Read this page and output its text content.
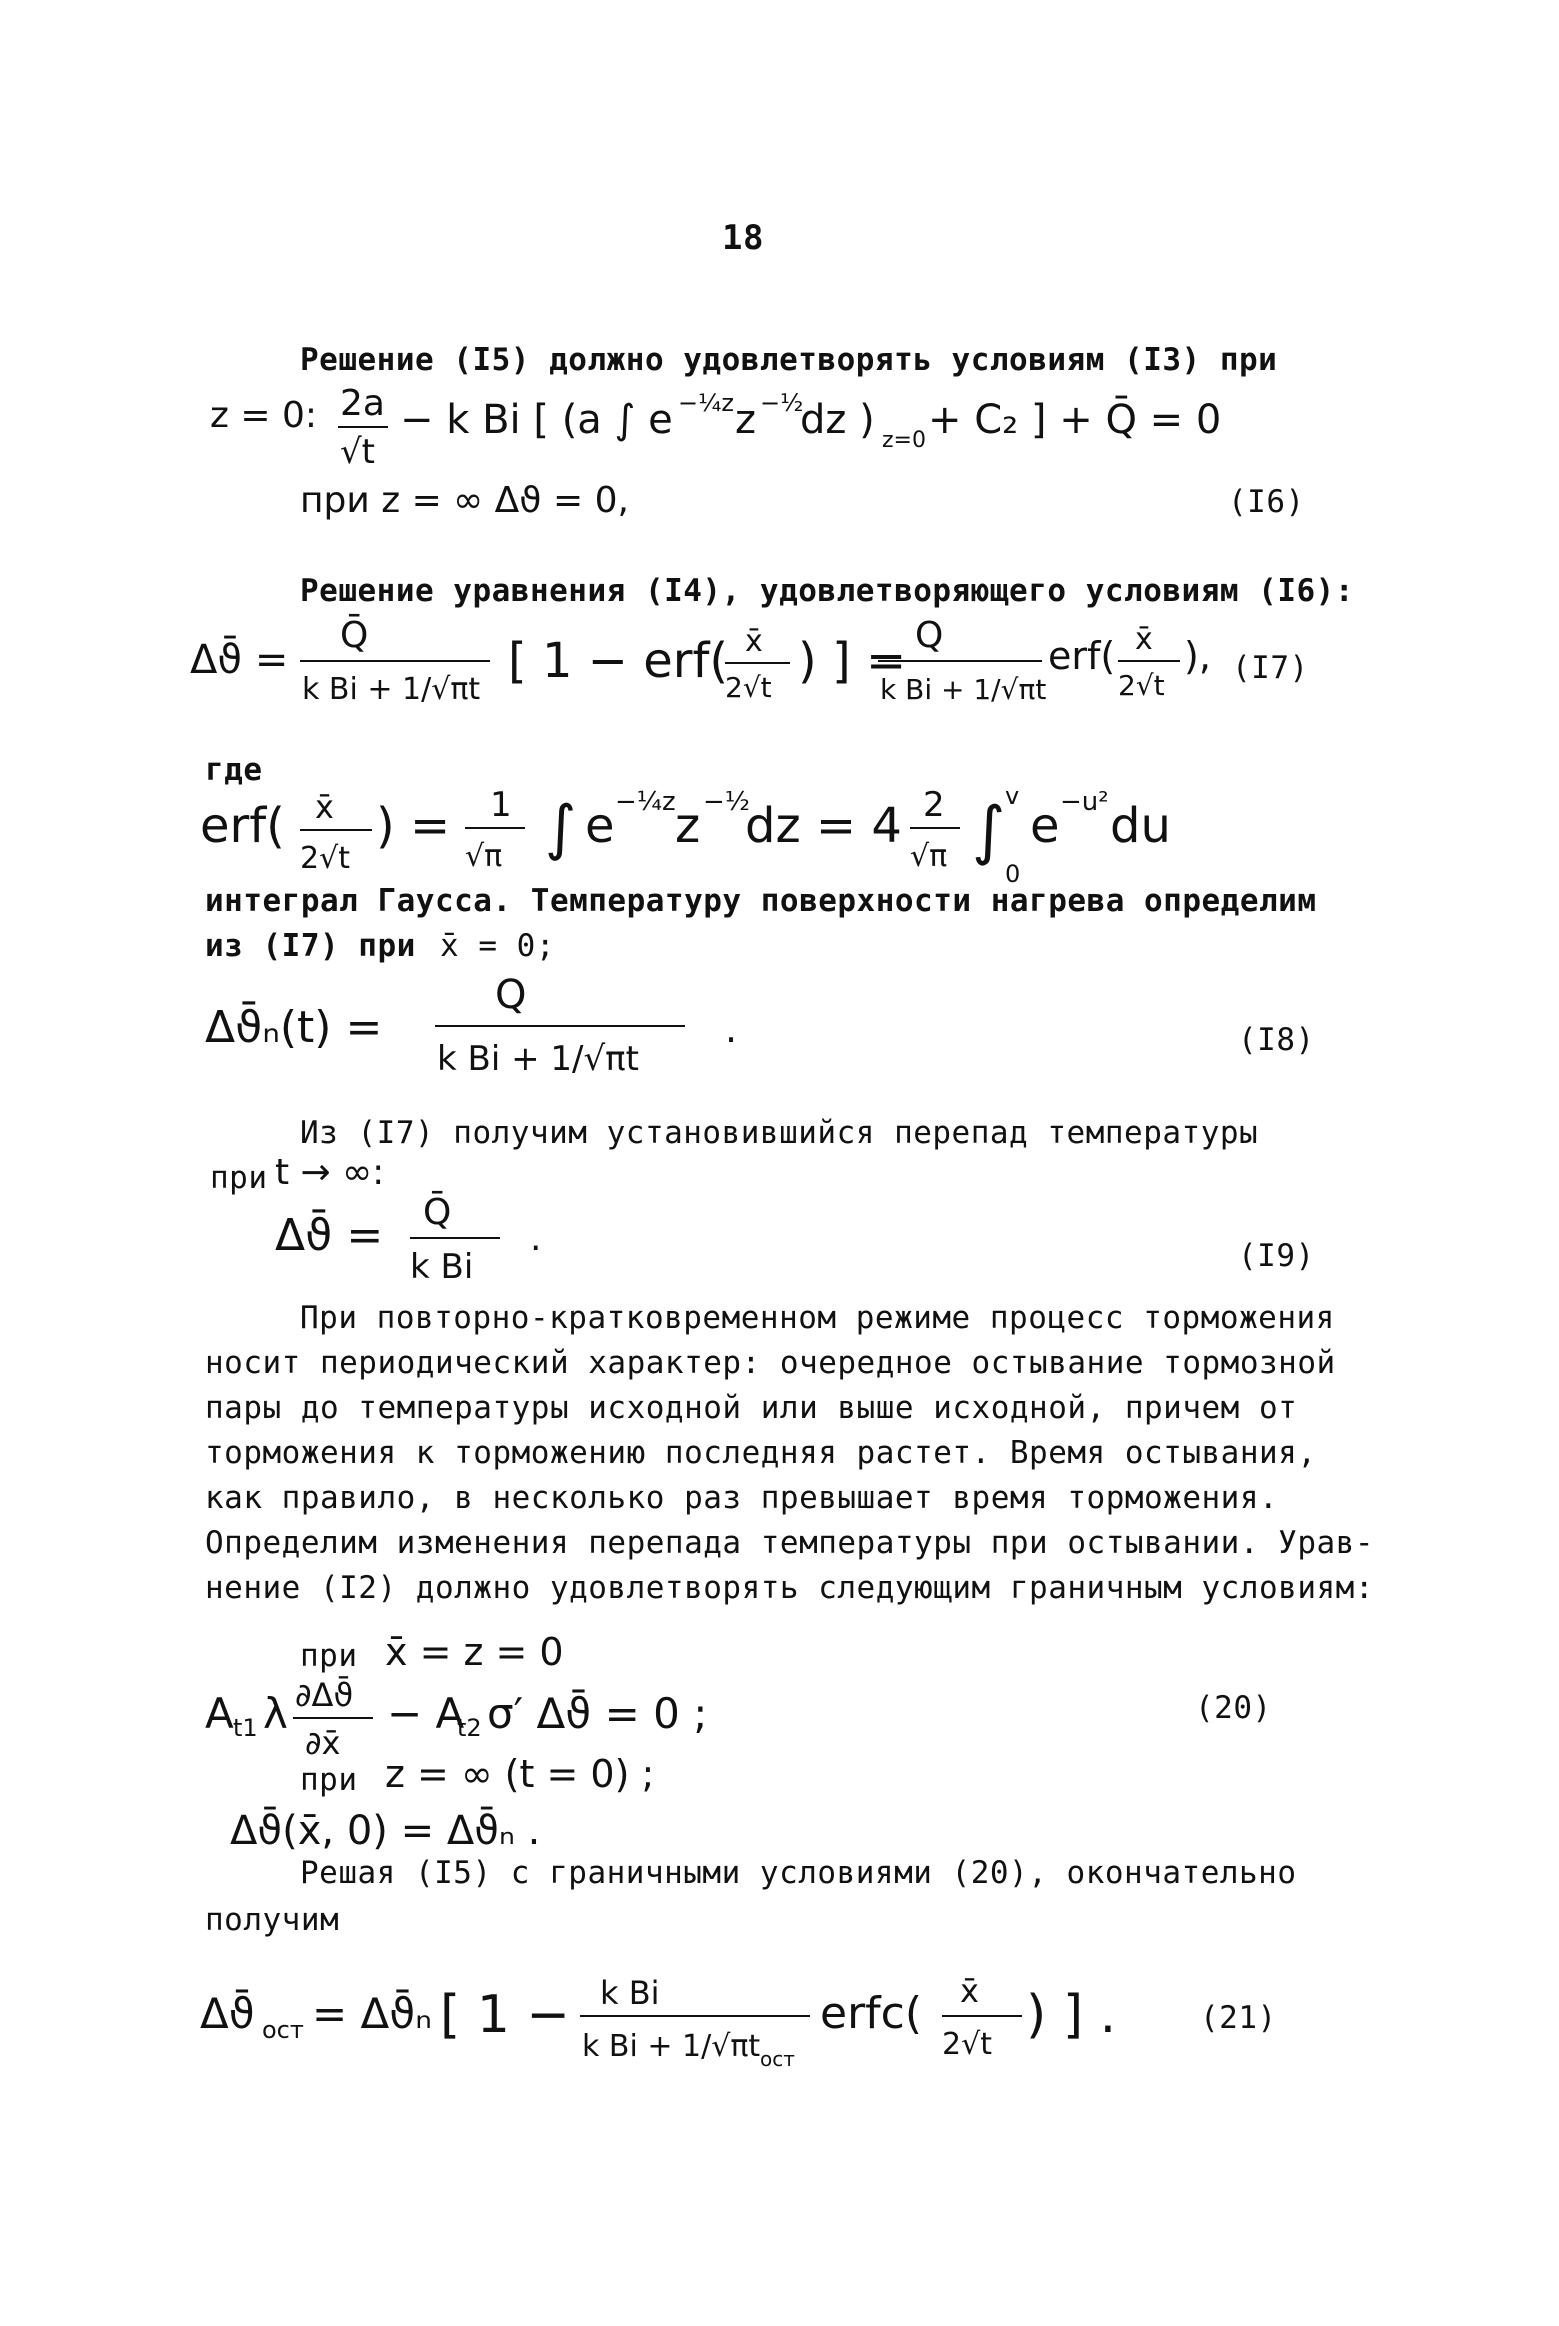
18
Решение (I5) должно удовлетворять условиям (I3) при
z = 0: 2a
√t
− k Bi [ (a ∫ e −¼z z −½
dz ) z=0 + C₂ ] + Q̄ = 0
при z = ∞ Δϑ = 0,	(I6)
Решение уравнения (I4), удовлетворяющего условиям (I6):
Δϑ̄ =
Q̄
k Bi + 1/√πt
[ 1 − erf( x̄
2√t ) ] = Q
k Bi + 1/√πt
erf( x̄
2√t
), (I7)
где
erf( x̄
2√t
) = 1
√π ∫ e −¼z z −½
dz = 4 2
√π ∫ v
0
e −u² du
интеграл Гаусса. Температуру поверхности нагрева определим
из (I7) при x̄ = 0;
Δϑ̄ₙ(t) =
Q
k Bi + 1/√πt
.	(I8)
Из (I7) получим установившийся перепад температуры
при t → ∞:
Δϑ̄ = Q̄
k Bi
.	(I9)
При повторно-кратковременном режиме процесс торможения
носит периодический характер: очередное остывание тормозной
пары до температуры исходной или выше исходной, причем от
торможения к торможению последняя растет. Время остывания,
как правило, в несколько раз превышает время торможения.
Определим изменения перепада температуры при остывании. Урав-
нение (I2) должно удовлетворять следующим граничным условиям:
при x̄ = z = 0
A t1 λ ∂Δϑ̄
∂x̄
− A
t2 σ′ Δϑ̄ = 0 ;	(20)
при z = ∞ (t = 0) ;
Δϑ̄(x̄, 0) = Δϑ̄ₙ .
Решая (I5) с граничными условиями (20), окончательно
получим
Δϑ̄ ост = Δϑ̄ₙ [ 1 − k Bi
k Bi + 1/√πt ост
erfc( x̄
2√t ) ] .	(21)
